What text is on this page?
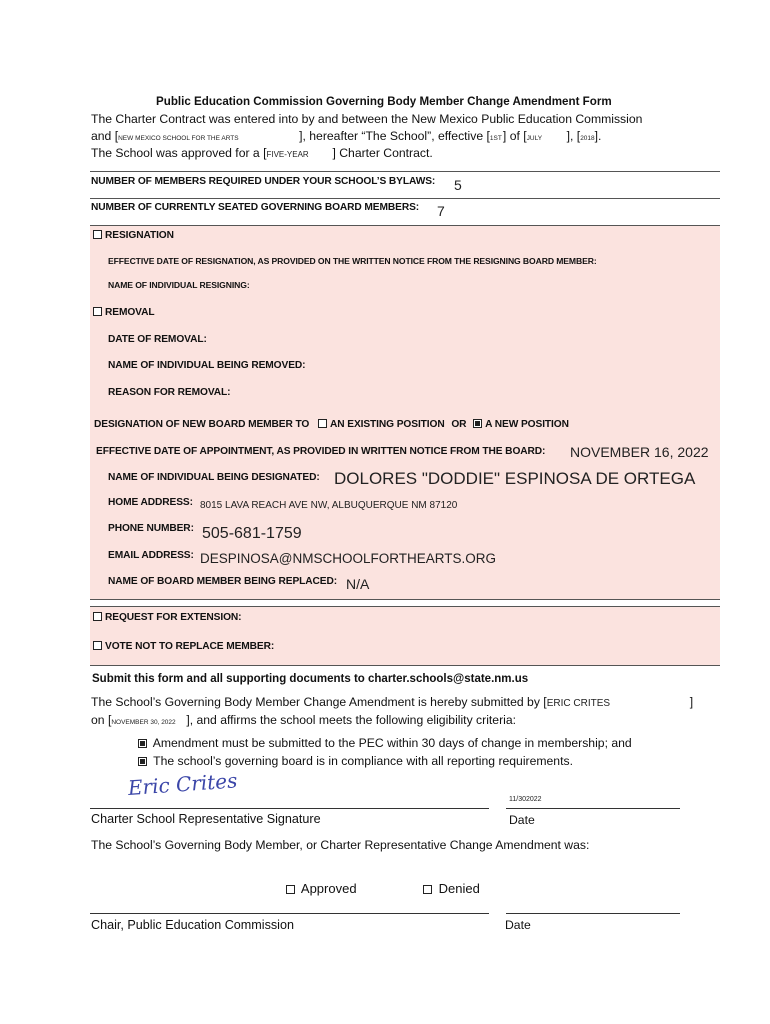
Public Education Commission Governing Body Member Change Amendment Form
The Charter Contract was entered into by and between the New Mexico Public Education Commission
and [NEW MEXICO SCHOOL FOR THE ARTS	], hereafter “The School”, effective [1ST] of [JULY ], [2018].
The School was approved for a [FIVE-YEAR ] Charter Contract.
NUMBER OF MEMBERS REQUIRED UNDER YOUR SCHOOL’S BYLAWS: 5
NUMBER OF CURRENTLY SEATED GOVERNING BOARD MEMBERS: 7
RESIGNATION
EFFECTIVE DATE OF RESIGNATION, AS PROVIDED ON THE WRITTEN NOTICE FROM THE RESIGNING BOARD MEMBER:
NAME OF INDIVIDUAL RESIGNING:
REMOVAL
DATE OF REMOVAL:
NAME OF INDIVIDUAL BEING REMOVED:
REASON FOR REMOVAL:
DESIGNATION OF NEW BOARD MEMBER TO AN EXISTING POSITION OR A NEW POSITION
EFFECTIVE DATE OF APPOINTMENT, AS PROVIDED IN WRITTEN NOTICE FROM THE BOARD: NOVEMBER 16, 2022
NAME OF INDIVIDUAL BEING DESIGNATED: DOLORES "DODDIE" ESPINOSA DE ORTEGA
HOME ADDRESS: 8015 LAVA REACH AVE NW, ALBUQUERQUE NM 87120
PHONE NUMBER: 505-681-1759
EMAIL ADDRESS: DESPINOSA@NMSCHOOLFORTHEARTS.ORG
NAME OF BOARD MEMBER BEING REPLACED: N/A
REQUEST FOR EXTENSION:
VOTE NOT TO REPLACE MEMBER:
Submit this form and all supporting documents to charter.schools@state.nm.us
The School’s Governing Body Member Change Amendment is hereby submitted by [ERIC CRITES	]
on [NOVEMBER 30, 2022 ], and affirms the school meets the following eligibility criteria:
Amendment must be submitted to the PEC within 30 days of change in membership; and
The school’s governing board is in compliance with all reporting requirements.
Eric Crites	11/302022
Charter School Representative Signature	Date
The School’s Governing Body Member, or Charter Representative Change Amendment was:
Approved	Denied
Chair, Public Education Commission	Date
